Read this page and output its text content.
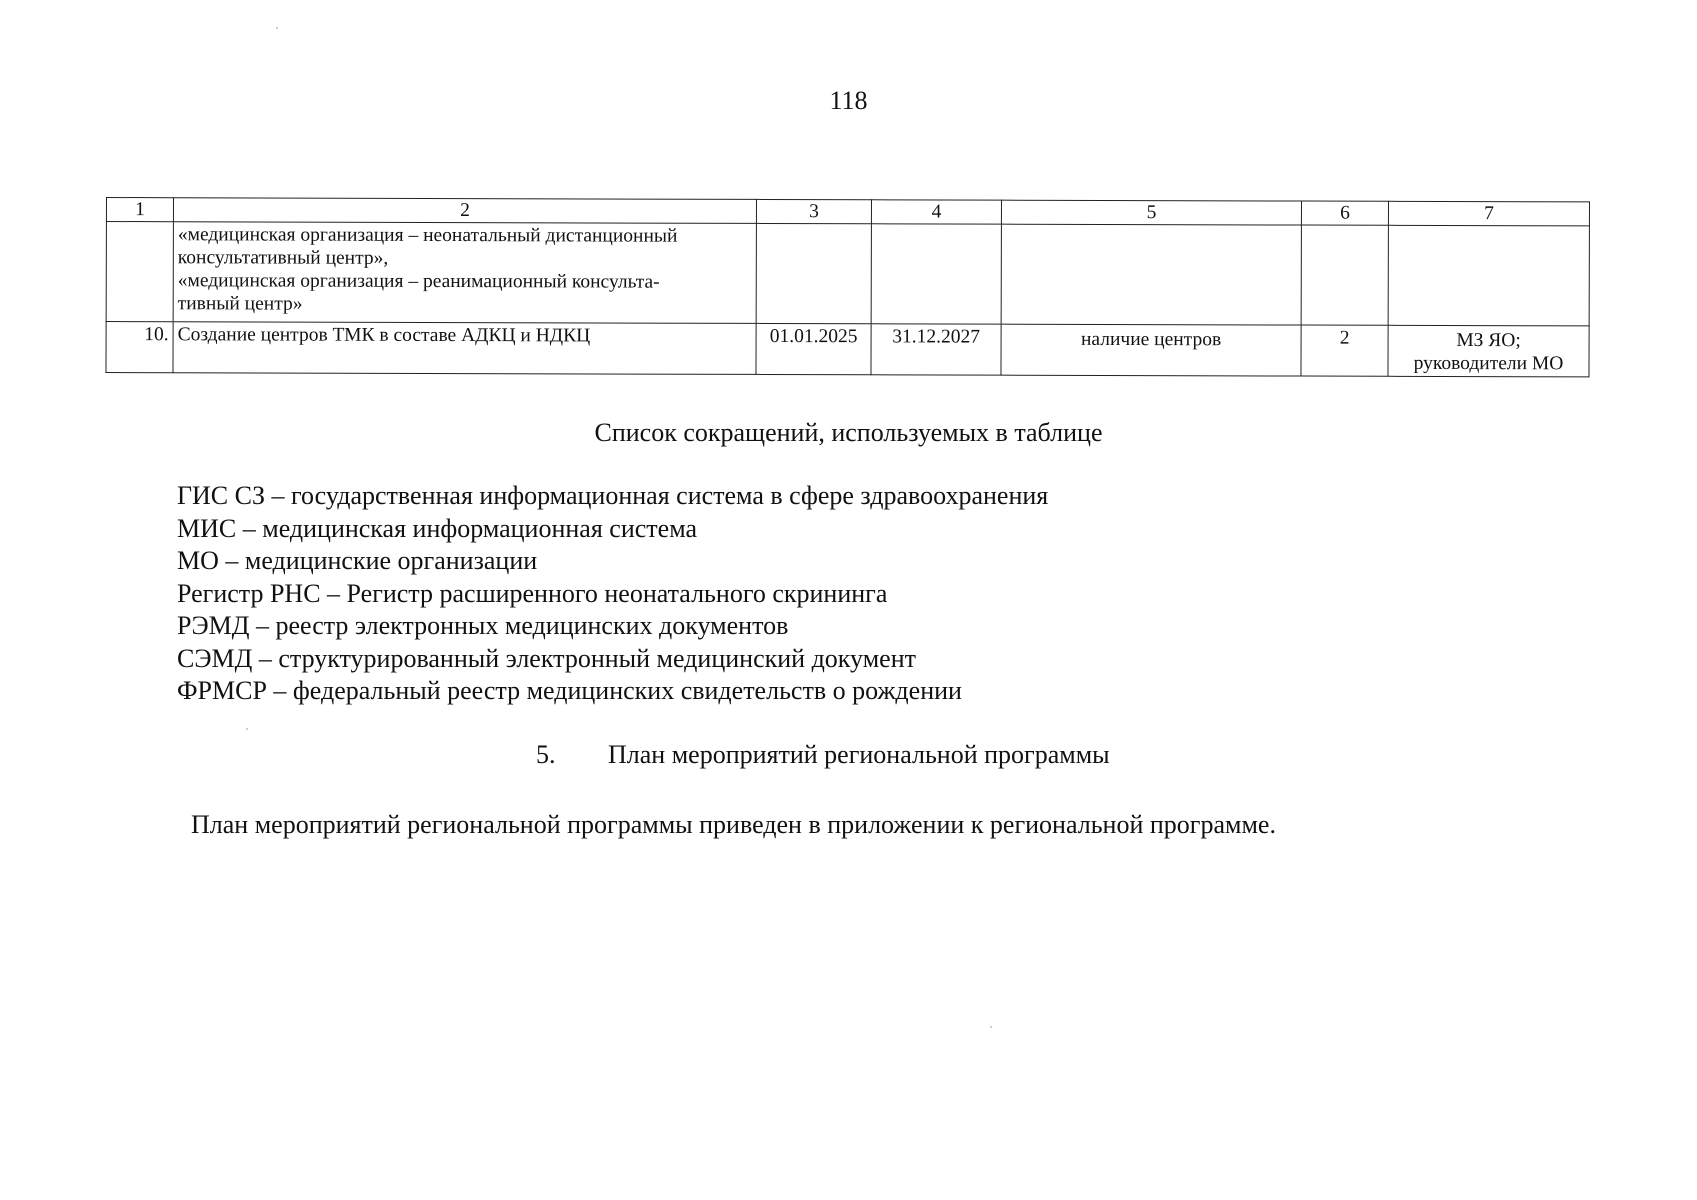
118
1	2	3	4	5	6	7

	«медицинская организация – неонатальный дистанционный
консультативный центр»,
«медицинская организация – реанимационный консульта-
тивный центр»					

10.	Создание центров ТМК в составе АДКЦ и НДКЦ	01.01.2025	31.12.2027	наличие центров	2	МЗ ЯО;
руководители МО
Список сокращений, используемых в таблице
ГИС СЗ – государственная информационная система в сфере здравоохранения
МИС – медицинская информационная система
МО – медицинские организации
Регистр РНС – Регистр расширенного неонатального скрининга
РЭМД – реестр электронных медицинских документов
СЭМД – структурированный электронный медицинский документ
ФРМСР – федеральный реестр медицинских свидетельств о рождении
5. План мероприятий региональной программы
План мероприятий региональной программы приведен в приложении к региональной программе.
